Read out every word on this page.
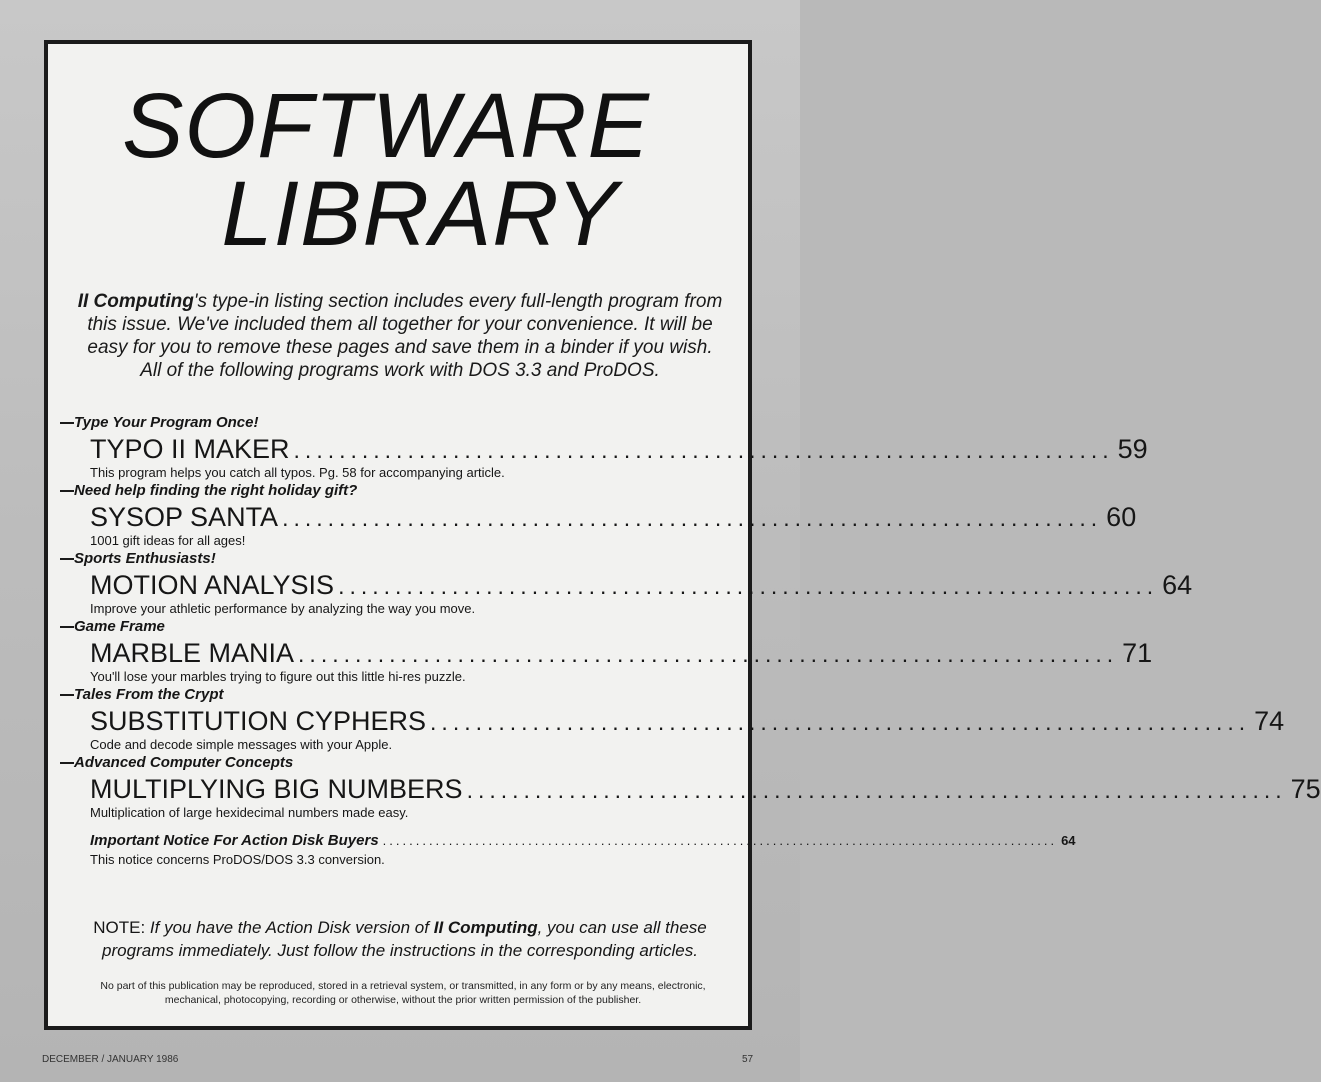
SOFTWARE
LIBRARY

II Computing's type-in listing section includes every full-length program from
this issue. We've included them all together for your convenience. It will be
easy for you to remove these pages and save them in a binder if you wish.
All of the following programs work with DOS 3.3 and ProDOS.

Type Your Program Once!
TYPO II MAKER ........................................................................ 59
This program helps you catch all typos. Pg. 58 for accompanying article.
Need help finding the right holiday gift?
SYSOP SANTA ........................................................................ 60
1001 gift ideas for all ages!
Sports Enthusiasts!
MOTION ANALYSIS ........................................................................ 64
Improve your athletic performance by analyzing the way you move.
Game Frame
MARBLE MANIA ........................................................................ 71
You'll lose your marbles trying to figure out this little hi-res puzzle.
Tales From the Crypt
SUBSTITUTION CYPHERS ........................................................................ 74
Code and decode simple messages with your Apple.
Advanced Computer Concepts
MULTIPLYING BIG NUMBERS ........................................................................ 75
Multiplication of large hexidecimal numbers made easy.
Important Notice For Action Disk Buyers ...................................................................................................... 64
This notice concerns ProDOS/DOS 3.3 conversion.

NOTE: If you have the Action Disk version of II Computing, you can use all these
programs immediately. Just follow the instructions in the corresponding articles.

No part of this publication may be reproduced, stored in a retrieval system, or transmitted, in any form or by any means, electronic,
mechanical, photocopying, recording or otherwise, without the prior written permission of the publisher.

DECEMBER / JANUARY 1986	57
